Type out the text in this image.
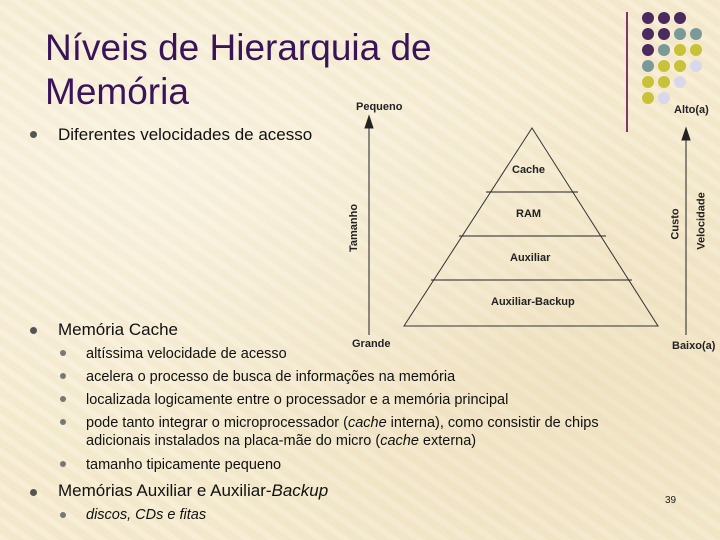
Níveis de Hierarquia de Memória
Diferentes velocidades de acesso
Memória Cache
altíssima velocidade de acesso
acelera o processo de busca de informações na memória
localizada logicamente entre o processador e a memória principal
pode tanto integrar o microprocessador (cache interna), como consistir de chips
adicionais instalados na placa-mãe do micro (cache externa)
tamanho tipicamente pequeno
Memórias Auxiliar e Auxiliar-Backup
discos, CDs e fitas
Pequeno
Grande
Alto(a)
Baixo(a)
Tamanho	Custo Velocidade
Cache
RAM
Auxiliar
Auxiliar-Backup
39
